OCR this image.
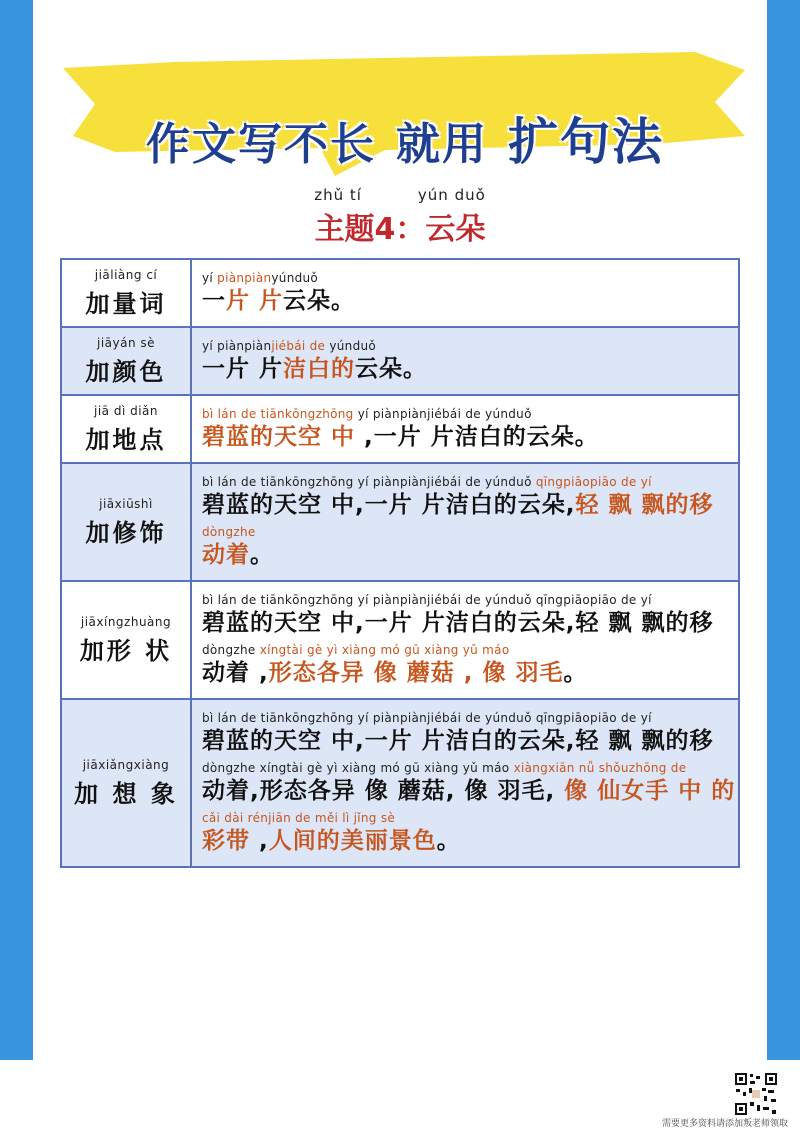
作文写不长 就用 扩句法
zhǔ tí	yún duǒ
主题4：云朵
jiāliàng cí
加量词
yí piànpiànyúnduǒ
一片 片云朵。
jiāyán sè
加颜色
yí piànpiànjiébái de yúnduǒ
一片 片洁白的云朵。
jiā dì diǎn
加地点
bì lán de tiānkōngzhōng yí piànpiànjiébái de yúnduǒ
碧蓝的天空 中 ,一片 片洁白的云朵。
jiāxiūshì
加修饰
bì lán de tiānkōngzhōng yí piànpiànjiébái de yúnduǒ qīngpiāopiāo de yí
碧蓝的天空 中,一片 片洁白的云朵,轻 飘 飘的移
dòngzhe
动着。
jiāxíngzhuàng
加形 状
bì lán de tiānkōngzhōng yí piànpiànjiébái de yúnduǒ qīngpiāopiāo de yí
碧蓝的天空 中,一片 片洁白的云朵,轻 飘 飘的移
dòngzhe xíngtài gè yì xiàng mó gū xiàng yǔ máo
动着 ,形态各异 像 蘑菇 , 像 羽毛。
jiāxiǎngxiàng
加 想 象
bì lán de tiānkōngzhōng yí piànpiànjiébái de yúnduǒ qīngpiāopiāo de yí
碧蓝的天空 中,一片 片洁白的云朵,轻 飘 飘的移
dòngzhe xíngtài gè yì xiàng mó gū xiàng yǔ máo xiàngxiān nǚ shǒuzhōng de
动着,形态各异 像 蘑菇, 像 羽毛, 像 仙女手 中 的
cǎi dài rénjiān de měi lì jǐng sè
彩带 ,人间的美丽景色。
需要更多资料请添加叛老师领取
